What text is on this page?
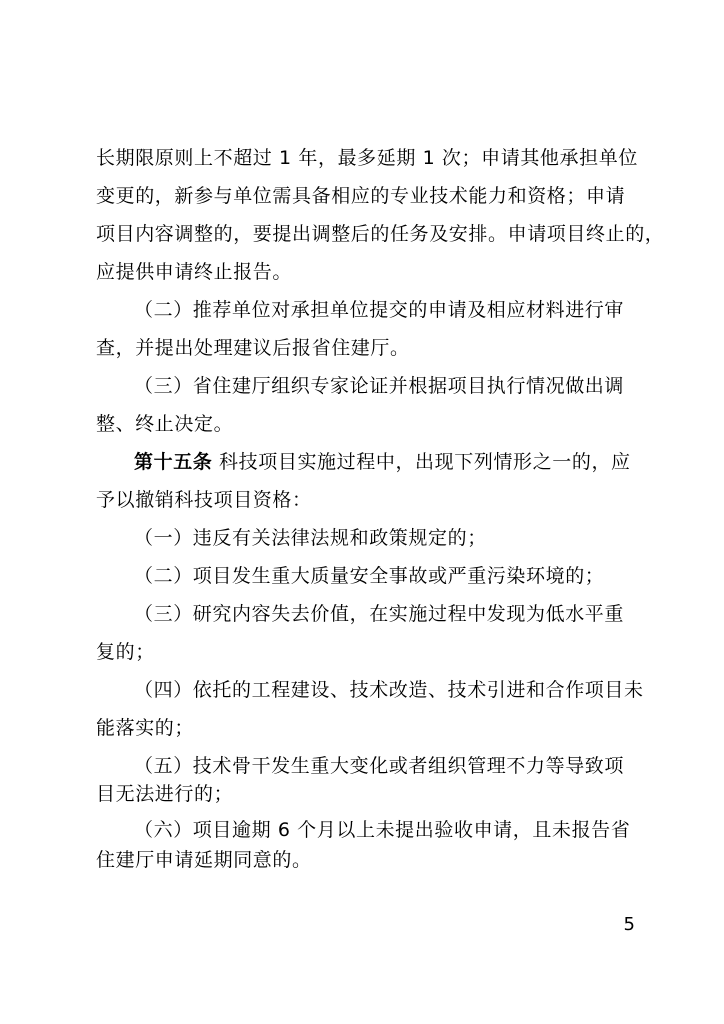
长期限原则上不超过 1 年，最多延期 1 次；申请其他承担单位
变更的，新参与单位需具备相应的专业技术能力和资格；申请
项目内容调整的，要提出调整后的任务及安排。申请项目终止的，
应提供申请终止报告。
（二）推荐单位对承担单位提交的申请及相应材料进行审
查，并提出处理建议后报省住建厅。
（三）省住建厅组织专家论证并根据项目执行情况做出调
整、终止决定。
第十五条 科技项目实施过程中，出现下列情形之一的，应
予以撤销科技项目资格：
（一）违反有关法律法规和政策规定的；
（二）项目发生重大质量安全事故或严重污染环境的；
（三）研究内容失去价值，在实施过程中发现为低水平重
复的；
（四）依托的工程建设、技术改造、技术引进和合作项目未
能落实的；
（五）技术骨干发生重大变化或者组织管理不力等导致项
目无法进行的；
（六）项目逾期 6 个月以上未提出验收申请，且未报告省
住建厅申请延期同意的。
5
